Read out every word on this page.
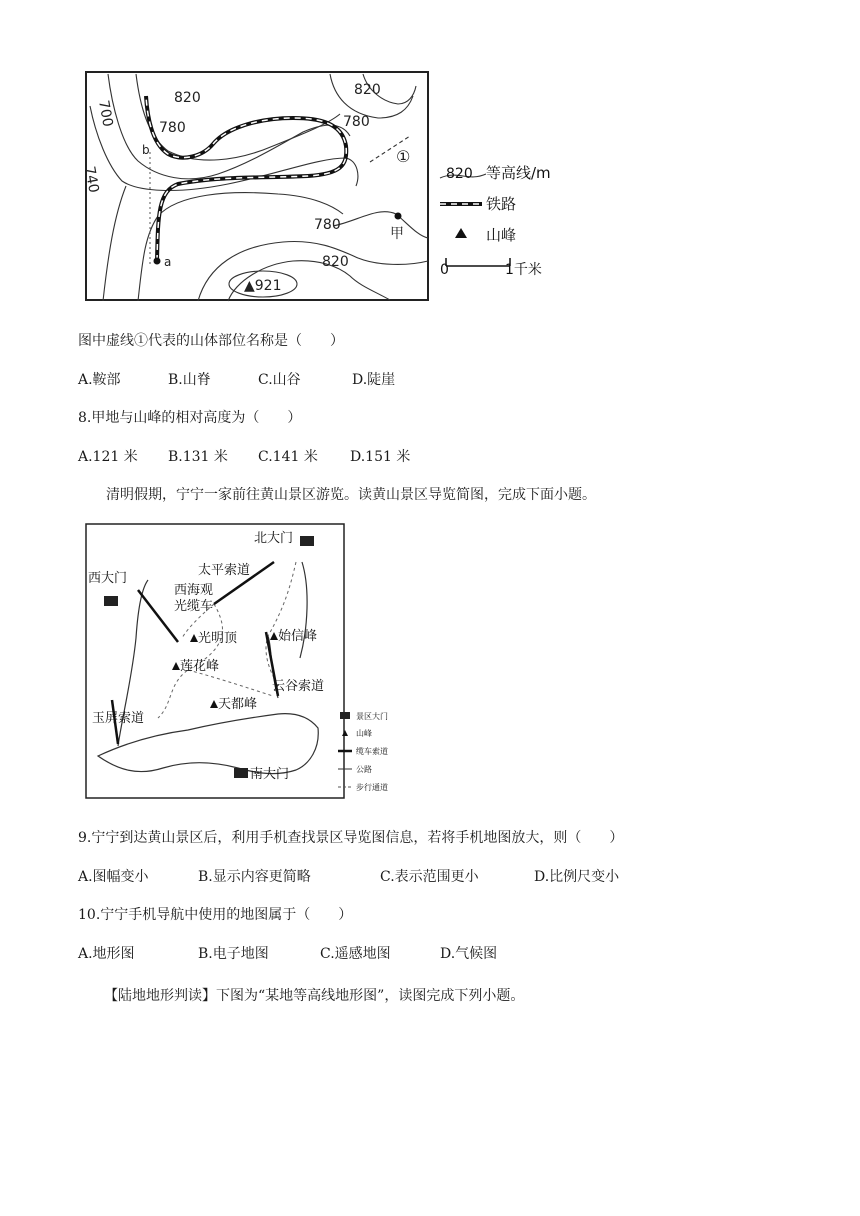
820	820
780	780
780
820
700
740
b
a
甲
①
▲921
820 等高线/m
铁路
山峰
0	1千米
图中虚线①代表的山体部位名称是（　　）
A.鞍部	B.山脊	C.山谷	D.陡崖
8.甲地与山峰的相对高度为（　　）
A.121 米 B.131 米 C.141 米 D.151 米
清明假期，宁宁一家前往黄山景区游览。读黄山景区导览简图，完成下面小题。
北大门
西大门
太平索道
西海观
光缆车
光明顶	始信峰
莲花峰
云谷索道
天都峰
玉屏索道
南大门
景区大门
山峰
缆车索道
公路
步行通道
9.宁宁到达黄山景区后，利用手机查找景区导览图信息，若将手机地图放大，则（　　）
A.图幅变小	B.显示内容更简略	C.表示范围更小	D.比例尺变小
10.宁宁手机导航中使用的地图属于（　　）
A.地形图	B.电子地图	C.遥感地图	D.气候图
【陆地地形判读】下图为“某地等高线地形图”，读图完成下列小题。
